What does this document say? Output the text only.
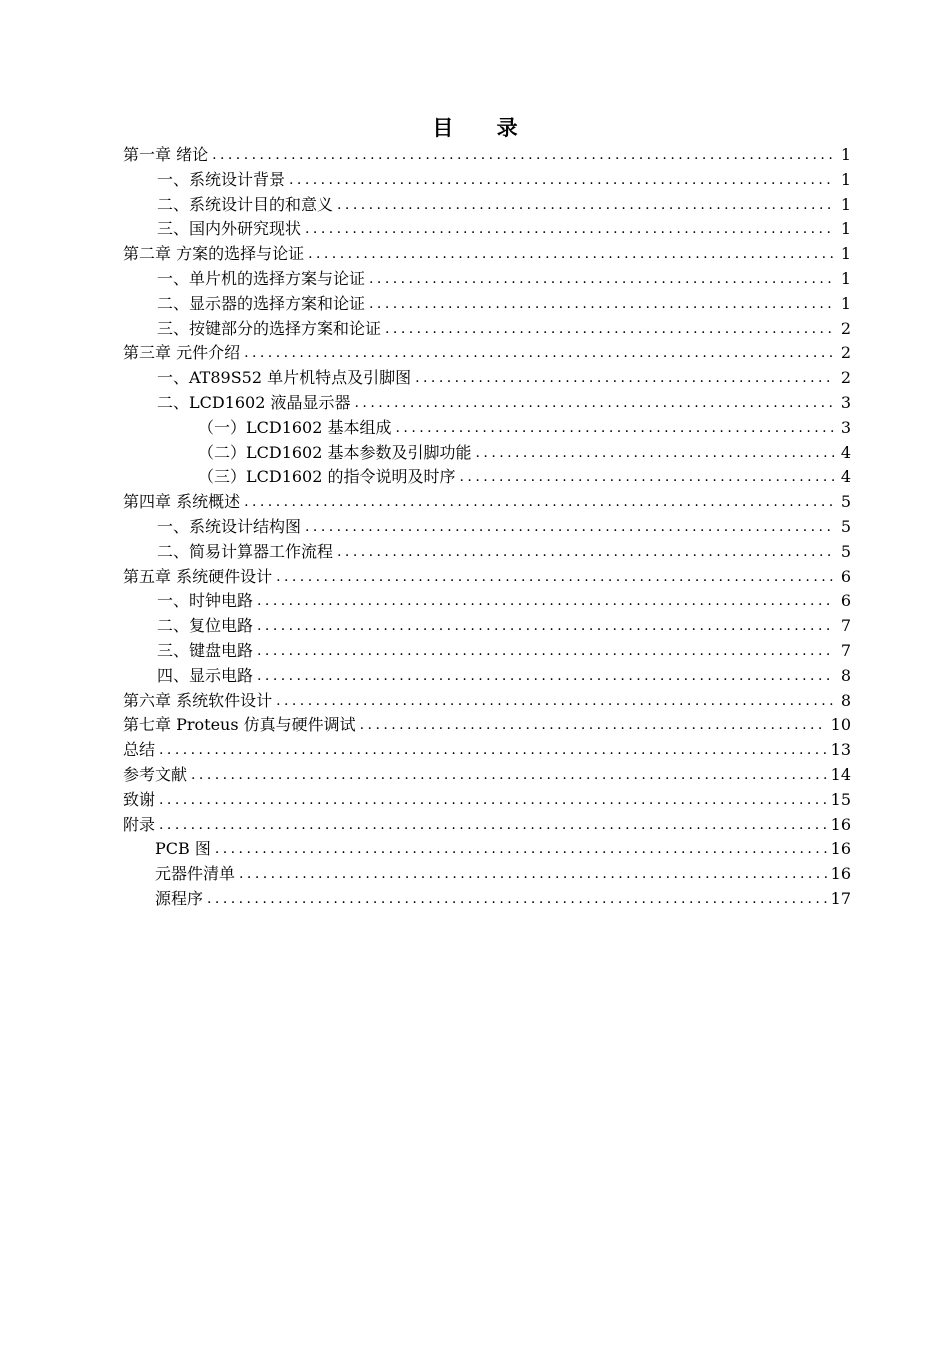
目 录
第一章 绪论 . . .	1
一、系统设计背景 . . .	1
二、系统设计目的和意义 . . .	1
三、国内外研究现状 . . .	1
第二章 方案的选择与论证 . . .	1
一、单片机的选择方案与论证 . . .	1
二、显示器的选择方案和论证 . . .	1
三、按键部分的选择方案和论证 . . .	2
第三章 元件介绍 . . .	2
一、AT89S52 单片机特点及引脚图 . . .	2
二、LCD1602 液晶显示器 . . .	3
（一）LCD1602 基本组成 . . .	3
（二）LCD1602 基本参数及引脚功能 . . .	4
（三）LCD1602 的指令说明及时序 . . .	4
第四章 系统概述 . . .	5
一、系统设计结构图 . . .	5
二、简易计算器工作流程 . . .	5
第五章 系统硬件设计 . . .	6
一、时钟电路 . . .	6
二、复位电路 . . .	7
三、键盘电路 . . .	7
四、显示电路 . . .	8
第六章 系统软件设计 . . .	8
第七章 Proteus 仿真与硬件调试 . . .	10
总结 . . .	13
参考文献 . . .	14
致谢 . . .	15
附录 . . .	16
PCB 图 . . .	16
元器件清单 . . .	16
源程序 . . .	17
